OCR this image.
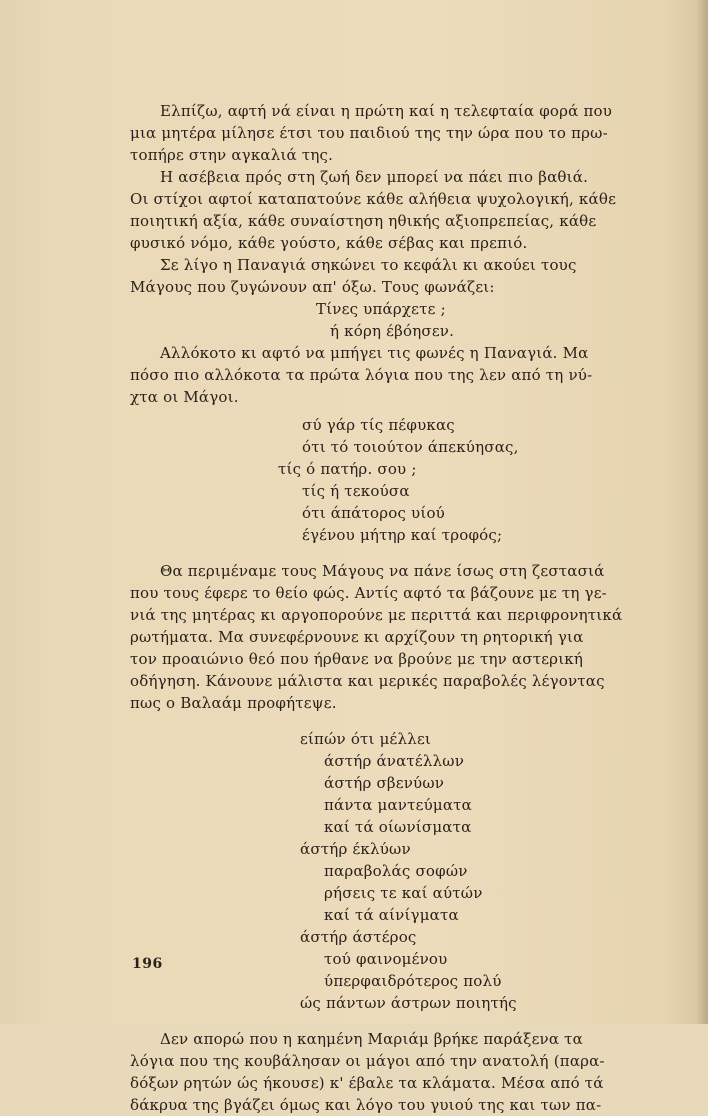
Ελπίζω, αφτή νά είναι η πρώτη καί η τελεφταία φορά που
μια μητέρα μίλησε έτσι του παιδιού της την ώρα που το πρω-
τοπήρε στην αγκαλιά της.

Η ασέβεια πρός στη ζωή δεν μπορεί να πάει πιο βαθιά.
Οι στίχοι αφτοί καταπατούνε κάθε αλήθεια ψυχολογική, κάθε
ποιητική αξία, κάθε συναίστηση ηθικής αξιοπρεπείας, κάθε
φυσικό νόμο, κάθε γούστο, κάθε σέβας και πρεπιό.

Σε λίγο η Παναγιά σηκώνει το κεφάλι κι ακούει τους
Μάγους που ζυγώνουν απ' όξω. Τους φωνάζει:

Τίνες υπάρχετε ;
ή κόρη έβόησεν.

Αλλόκοτο κι αφτό να μπήγει τις φωνές η Παναγιά. Μα
πόσο πιο αλλόκοτα τα πρώτα λόγια που της λεν από τη νύ-
χτα οι Μάγοι.

σύ γάρ τίς πέφυκας
ότι τό τοιούτον άπεκύησας,
τίς ό πατήρ. σου ;
τίς ή τεκούσα
ότι άπάτορος υίού
έγένου μήτηρ καί τροφός;

Θα περιμέναμε τους Μάγους να πάνε ίσως στη ζεστασιά
που τους έφερε το θείο φώς. Αντίς αφτό τα βάζουνε με τη γε-
νιά της μητέρας κι αργοπορούνε με περιττά και περιφρονητικά
ρωτήματα. Μα συνεφέρνουνε κι αρχίζουν τη ρητορική για
τον προαιώνιο θεό που ήρθανε να βρούνε με την αστερική
οδήγηση. Κάνουνε μάλιστα και μερικές παραβολές λέγοντας
πως ο Βαλαάμ προφήτεψε.

είπών ότι μέλλει
άστήρ άνατέλλων
άστήρ σβενύων
πάντα μαντεύματα
καί τά οίωνίσματα
άστήρ έκλύων
παραβολάς σοφών
ρήσεις τε καί αύτών
καί τά αίνίγματα
άστήρ άστέρος
τού φαινομένου
ύπερφαιδρότερος πολύ
ώς πάντων άστρων ποιητής

Δεν απορώ που η καημένη Μαριάμ βρήκε παράξενα τα
λόγια που της κουβάλησαν οι μάγοι από την ανατολή (παρα-
δόξων ρητών ώς ήκουσε) κ' έβαλε τα κλάματα. Μέσα από τά
δάκρυα της βγάζει όμως και λόγο του γυιού της και των πα-

196
